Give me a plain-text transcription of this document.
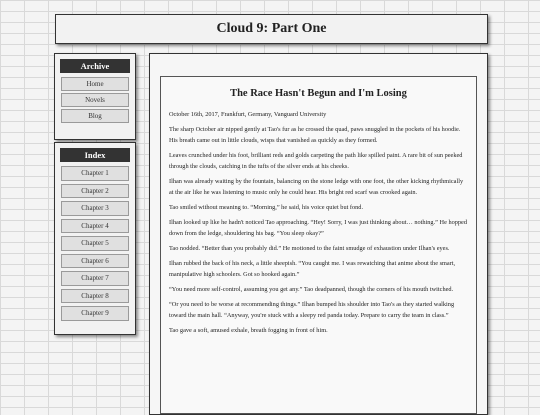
Cloud 9: Part One
Archive
Home
Novels
Blog
Index
Chapter 1
Chapter 2
Chapter 3
Chapter 4
Chapter 5
Chapter 6
Chapter 7
Chapter 8
Chapter 9
The Race Hasn't Begun and I'm Losing

October 16th, 2017, Frankfurt, Germany, Vanguard University

The sharp October air nipped gently at Tao's fur as he crossed the quad, paws snuggled in the pockets of his hoodie. His breath came out in little clouds, wisps that vanished as quickly as they formed.

Leaves crunched under his foot, brilliant reds and golds carpeting the path like spilled paint. A rare bit of sun peeked through the clouds, catching in the tufts of the silver ends at his cheeks.

Ilhan was already waiting by the fountain, balancing on the stone ledge with one foot, the other kicking rhythmically at the air like he was listening to music only he could hear. His bright red scarf was crooked again.

Tao smiled without meaning to. “Morning,” he said, his voice quiet but fond.

Ilhan looked up like he hadn't noticed Tao approaching. “Hey! Sorry, I was just thinking about… nothing.” He hopped down from the ledge, shouldering his bag. “You sleep okay?”

Tao nodded. “Better than you probably did.” He motioned to the faint smudge of exhaustion under Ilhan's eyes.

Ilhan rubbed the back of his neck, a little sheepish. “You caught me. I was rewatching that anime about the smart, manipulative high schoolers. Got so hooked again.”

“You need more self-control, assuming you get any.” Tao deadpanned, though the corners of his mouth twitched.

“Or you need to be worse at recommending things.” Ilhan bumped his shoulder into Tao's as they started walking toward the main hall. “Anyway, you're stuck with a sleepy red panda today. Prepare to carry the team in class.”

Tao gave a soft, amused exhale, breath fogging in front of him.
